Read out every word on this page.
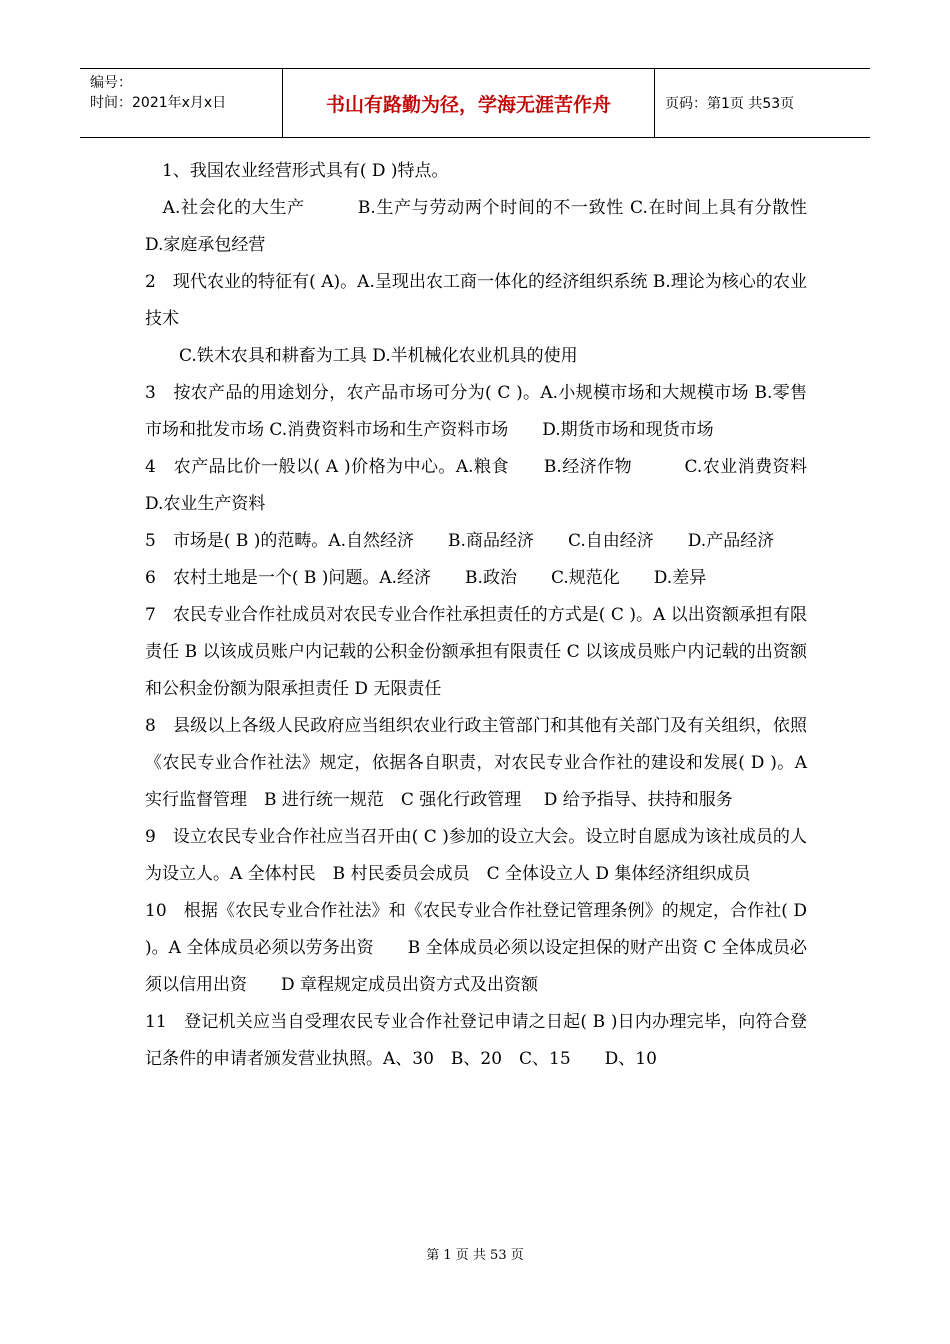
编号：
时间：2021年x月x日	书山有路勤为径，学海无涯苦作舟	页码：第1页 共53页

　1、我国农业经营形式具有( D )特点。

　A.社会化的大生产　　　B.生产与劳动两个时间的不一致性 C.在时间上具有分散性　D.家庭承包经营

2　现代农业的特征有( A)。A.呈现出农工商一体化的经济组织系统 B.理论为核心的农业技术

　　C.铁木农具和耕畜为工具 D.半机械化农业机具的使用

3　按农产品的用途划分，农产品市场可分为( C )。A.小规模市场和大规模市场 B.零售市场和批发市场 C.消费资料市场和生产资料市场　　D.期货市场和现货市场

4　农产品比价一般以( A )价格为中心。A.粮食　　B.经济作物　　　C.农业消费资料　　D.农业生产资料

5　市场是( B )的范畴。A.自然经济　　B.商品经济　　C.自由经济　　D.产品经济

6　农村土地是一个( B )问题。A.经济　　B.政治　　C.规范化　　D.差异

7　农民专业合作社成员对农民专业合作社承担责任的方式是( C )。A 以出资额承担有限责任 B 以该成员账户内记载的公积金份额承担有限责任 C 以该成员账户内记载的出资额和公积金份额为限承担责任 D 无限责任

8　县级以上各级人民政府应当组织农业行政主管部门和其他有关部门及有关组织，依照《农民专业合作社法》规定，依据各自职责，对农民专业合作社的建设和发展( D )。A 实行监督管理　B 进行统一规范　C 强化行政管理　 D 给予指导、扶持和服务

9　设立农民专业合作社应当召开由( C )参加的设立大会。设立时自愿成为该社成员的人为设立人。A 全体村民　B 村民委员会成员　C 全体设立人 D 集体经济组织成员

10　根据《农民专业合作社法》和《农民专业合作社登记管理条例》的规定，合作社( D )。A 全体成员必须以劳务出资　　B 全体成员必须以设定担保的财产出资 C 全体成员必须以信用出资　　D 章程规定成员出资方式及出资额

11　登记机关应当自受理农民专业合作社登记申请之日起( B )日内办理完毕，向符合登记条件的申请者颁发营业执照。A、30　B、20　C、15　　D、10

第 1 页 共 53 页
